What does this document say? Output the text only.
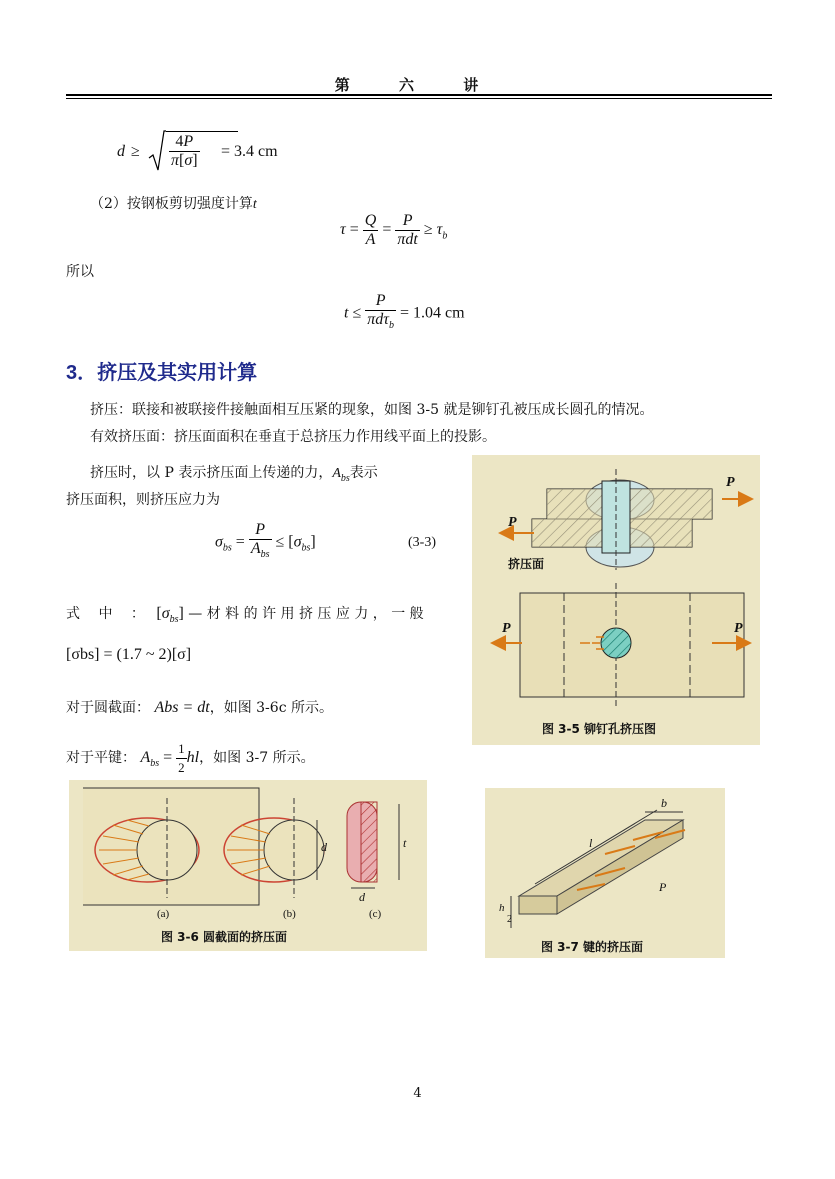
第 六 讲
$d \ge \frac{4P}{\pi[\sigma]} = 3.4$ cm
（2）按钢板剪切强度计算t
$\tau = \frac{Q}{A} = \frac{P}{\text{πdt}} \ge \tau_b$
所以
$t \le \frac{P}{\pi d\tau_b} = 1.04$ cm
3．挤压及其实用计算
挤压：联接和被联接件接触面相互压紧的现象，如图 3-5 就是铆钉孔被压成长圆孔的情况。
有效挤压面：挤压面面积在垂直于总挤压力作用线平面上的投影。
挤压时，以 P 表示挤压面上传递的力，$A_{bs}$表示
挤压面积，则挤压应力为
$\sigma_{bs} = \frac{P}{A_{bs}} \le [\sigma_{bs}]$	(3-3)
式 中 ： $[\sigma_{bs}]$ — 材 料 的 许 用 挤 压 应 力 ， 一 般
[σbs] = (1.7 ~ 2)[σ]
对于圆截面： Abs = dt，如图 3-6c 所示。
对于平键： $A_{bs} = \frac{1}{2}$ hl，如图 3-7 所示。
P
P
P	P
挤压面
图 3-5 铆钉孔挤压图
d	t
d
(a)	(b)	(c)
图 3-6 圆截面的挤压面
b
l
P
h
2
图 3-7 键的挤压面
4
